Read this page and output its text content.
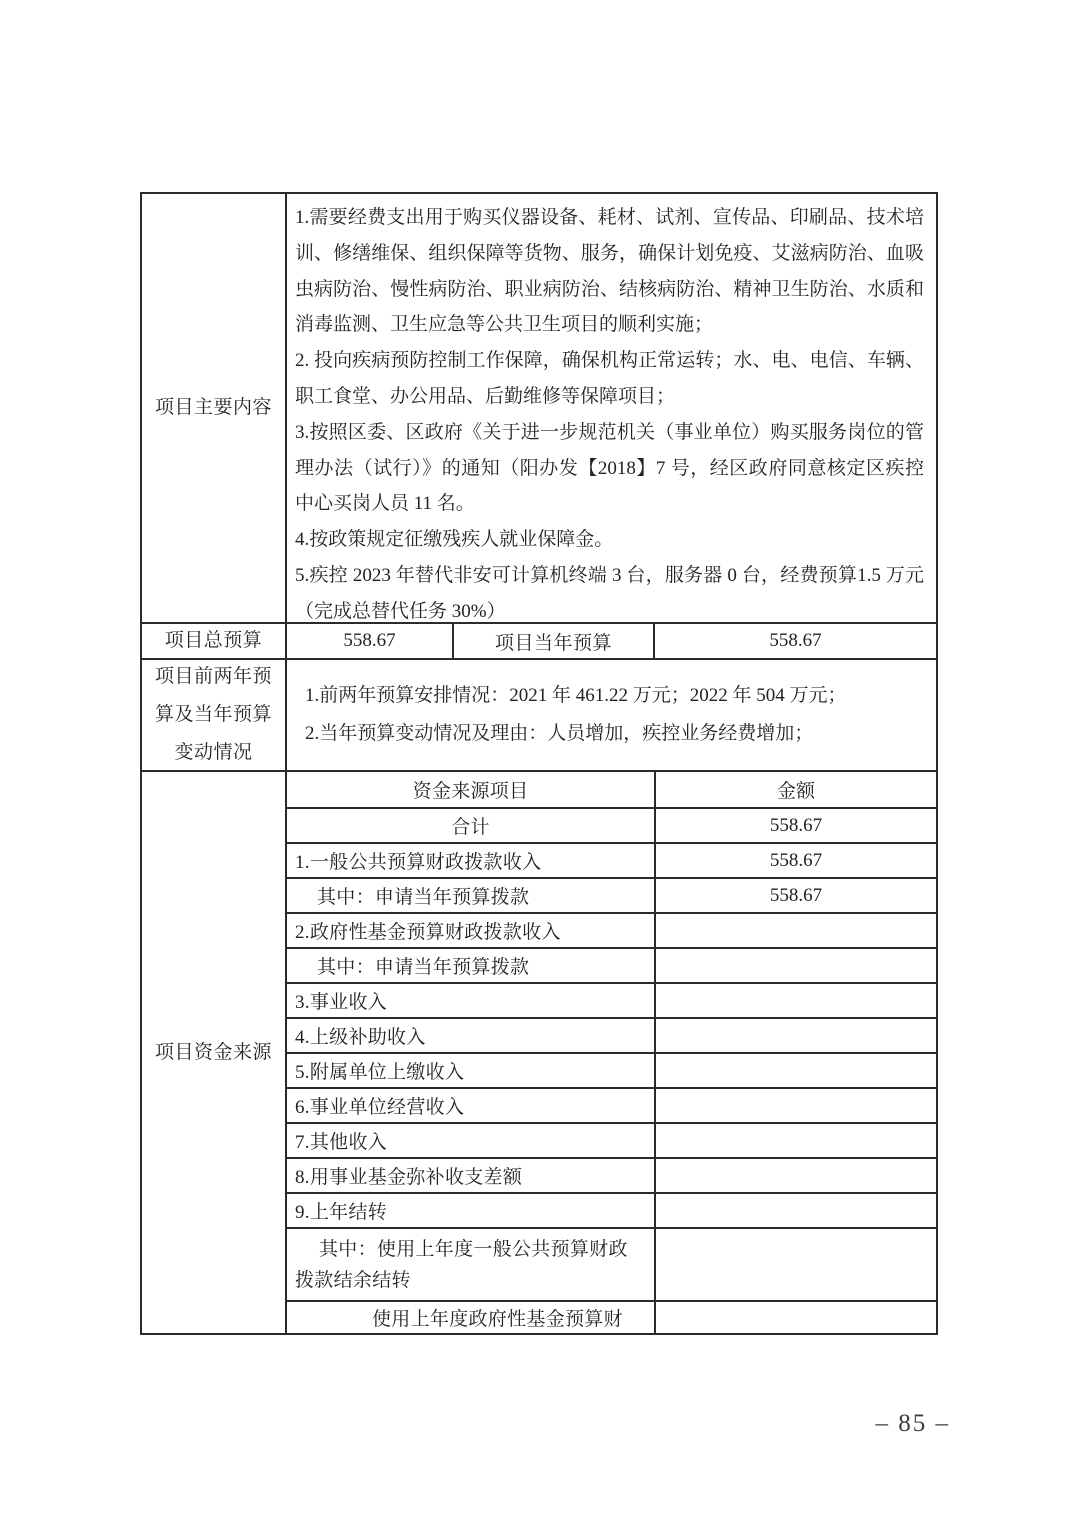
项目主要内容

1.需要经费支出用于购买仪器设备、耗材、试剂、宣传品、印刷品、技术培训、修缮维保、组织保障等货物、服务，确保计划免疫、艾滋病防治、血吸虫病防治、慢性病防治、职业病防治、结核病防治、精神卫生防治、水质和消毒监测、卫生应急等公共卫生项目的顺利实施；

2. 投向疾病预防控制工作保障，确保机构正常运转；水、电、电信、车辆、职工食堂、办公用品、后勤维修等保障项目；

3.按照区委、区政府《关于进一步规范机关（事业单位）购买服务岗位的管理办法（试行）》的通知（阳办发【2018】7 号，经区政府同意核定区疾控中心买岗人员 11 名。

4.按政策规定征缴残疾人就业保障金。

5.疾控 2023 年替代非安可计算机终端 3 台，服务器 0 台，经费预算1.5 万元（完成总替代任务 30%）

项目总预算	558.67	项目当年预算	558.67
项目前两年预算及当年预算变动情况
1.前两年预算安排情况：2021 年 461.22 万元；2022 年 504 万元；
2.当年预算变动情况及理由：人员增加，疾控业务经费增加；
项目资金来源
资金来源项目	金额
合计	558.67
1.一般公共预算财政拨款收入	558.67
其中：申请当年预算拨款	558.67
2.政府性基金预算财政拨款收入
其中：申请当年预算拨款
3.事业收入
4.上级补助收入
5.附属单位上缴收入
6.事业单位经营收入
7.其他收入
8.用事业基金弥补收支差额
9.上年结转
其中：使用上年度一般公共预算财政拨款结余结转
使用上年度政府性基金预算财
– 85 –
